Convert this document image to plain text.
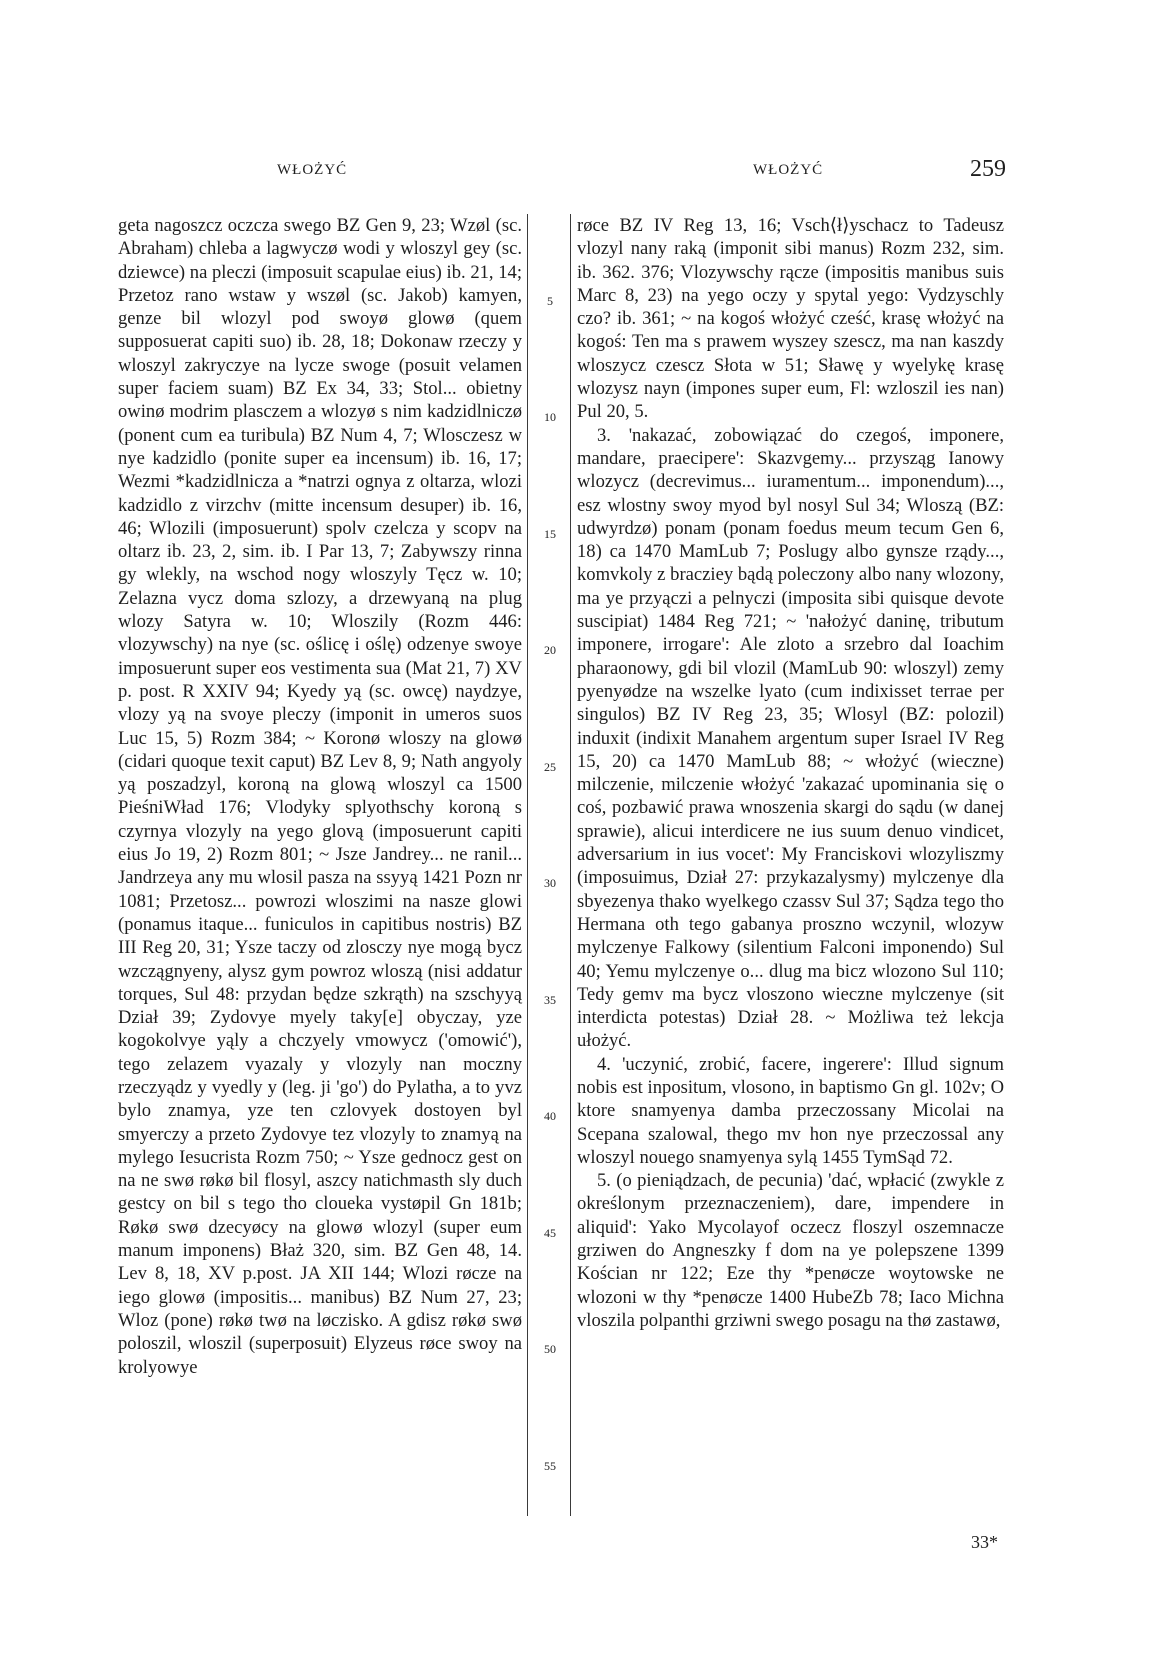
WŁOŻYĆ	WŁOŻYĆ	259

geta nagoszcz oczcza swego BZ Gen 9, 23; Wzøl (sc. Abraham) chleba a lagwyczø wodi y wloszyl gey (sc. dziewce) na pleczi (imposuit scapulae eius) ib. 21, 14; Przetoz rano wstaw y wszøl (sc. Jakob) kamyen, genze bil wlozyl pod swoyø glowø (quem supposuerat capiti suo) ib. 28, 18; Dokonaw rzeczy y wloszyl zakryczye na lycze swoge (posuit velamen super faciem suam) BZ Ex 34, 33; Stol... obietny owinø modrim plasczem a wlozyø s nim kadzidlniczø (ponent cum ea turibula) BZ Num 4, 7; Wlosczesz w nye kadzidlo (ponite super ea incensum) ib. 16, 17; Wezmi *kadzidlnicza a *natrzi ognya z oltarza, wlozi kadzidlo z virzchv (mitte incensum desuper) ib. 16, 46; Wlozili (imposuerunt) spolv czelcza y scopv na oltarz ib. 23, 2, sim. ib. I Par 13, 7; Zabywszy rinna gy wlekly, na wschod nogy wloszyly Tęcz w. 10; Zelazna vycz doma szlozy, a drzewyaną na plug wlozy Satyra w. 10; Wloszily (Rozm 446: vlozywschy) na nye (sc. oślicę i oślę) odzenye swoye imposuerunt super eos vestimenta sua (Mat 21, 7) XV p. post. R XXIV 94; Kyedy yą (sc. owcę) naydzye, vlozy yą na svoye pleczy (imponit in umeros suos Luc 15, 5) Rozm 384; ~ Koronø wloszy na glowø (cidari quoque texit caput) BZ Lev 8, 9; Nath angyoly yą poszadzyl, koroną na glową wloszyl ca 1500 PieśniWład 176; Vlodyky splyothschy koroną s czyrnya vlozyly na yego glovą (imposuerunt capiti eius Jo 19, 2) Rozm 801; ~ Jsze Jandrey... ne ranil... Jandrzeya any mu wlosil pasza na ssyyą 1421 Pozn nr 1081; Przetosz... powrozi wloszimi na nasze glowi (ponamus itaque... funiculos in capitibus nostris) BZ III Reg 20, 31; Ysze taczy od zlosczy nye mogą bycz wzczągnyeny, alysz gym powroz wloszą (nisi addatur torques, Sul 48: przydan będze szkrąth) na szschyyą Dział 39; Zydovye myely taky[e] obyczay, yze kogokolvye yąly a chczyely vmowycz ('omowić'), tego zelazem vyazaly y vlozyly nan moczny rzeczyądz y vyedly y (leg. ji 'go') do Pylatha, a to yvz bylo znamya, yze ten czlovyek dostoyen byl smyerczy a przeto Zydovye tez vlozyly to znamyą na mylego Iesucrista Rozm 750; ~ Ysze gednocz gest on na ne swø røkø bil flosyl, aszcy natichmasth sly duch gestcy on bil s tego tho cloueka vystøpil Gn 181b; Røkø swø dzecyøcy na glowø wlozyl (super eum manum imponens) Błaż 320, sim. BZ Gen 48, 14. Lev 8, 18, XV p.post. JA XII 144; Wlozi røcze na iego glowø (impositis... manibus) BZ Num 27, 23; Wloz (pone) røkø twø na løczisko. A gdisz røkø swø poloszil, wloszil (superposuit) Elyzeus røce swoy na krolyowye

5
10
15
20
25
30
35
40
45
50
55

røce BZ IV Reg 13, 16; Vsch⟨ł⟩yschacz to Tadeusz vlozyl nany raką (imponit sibi manus) Rozm 232, sim. ib. 362. 376; Vlozywschy rącze (impositis manibus suis Marc 8, 23) na yego oczy y spytal yego: Vydzyschly czo? ib. 361; ~ na kogoś włożyć cześć, krasę włożyć na kogoś: Ten ma s prawem wyszey szescz, ma nan kaszdy wloszycz czescz Słota w 51; Sławę y wyelykę krasę wlozysz nayn (impones super eum, Fl: wzloszil ies nan) Pul 20, 5.

3. 'nakazać, zobowiązać do czegoś, imponere, mandare, praecipere': Skazvgemy... przysząg Ianowy wlozycz (decrevimus... iuramentum... imponendum)..., esz wlostny swoy myod byl nosyl Sul 34; Wloszą (BZ: udwyrdzø) ponam (ponam foedus meum tecum Gen 6, 18) ca 1470 MamLub 7; Poslugy albo gynsze rządy..., komvkoly z bracziey bądą poleczony albo nany wlozony, ma ye przyączi a pelnyczi (imposita sibi quisque devote suscipiat) 1484 Reg 721; ~ 'nałożyć daninę, tributum imponere, irrogare': Ale zloto a srzebro dal Ioachim pharaonowy, gdi bil vlozil (MamLub 90: wloszyl) zemy pyenyødze na wszelke lyato (cum indixisset terrae per singulos) BZ IV Reg 23, 35; Wlosyl (BZ: polozil) induxit (indixit Manahem argentum super Israel IV Reg 15, 20) ca 1470 MamLub 88; ~ włożyć (wieczne) milczenie, milczenie włożyć 'zakazać upominania się o coś, pozbawić prawa wnoszenia skargi do sądu (w danej sprawie), alicui interdicere ne ius suum denuo vindicet, adversarium in ius vocet': My Franciskovi wlozyliszmy (imposuimus, Dział 27: przykazalysmy) mylczenye dla sbyezenya thako wyelkego czassv Sul 37; Sądza tego tho Hermana oth tego gabanya proszno wczynil, wlozyw mylczenye Falkowy (silentium Falconi imponendo) Sul 40; Yemu mylczenye o... dlug ma bicz wlozono Sul 110; Tedy gemv ma bycz vloszono wieczne mylczenye (sit interdicta potestas) Dział 28. ~ Możliwa też lekcja ułożyć.

4. 'uczynić, zrobić, facere, ingerere': Illud signum nobis est inpositum, vlosono, in baptismo Gn gl. 102v; O ktore snamyenya damba przeczossany Micolai na Scepana szalowal, thego mv hon nye przeczossal any wloszyl nouego snamyenya sylą 1455 TymSąd 72.

5. (o pieniądzach, de pecunia) 'dać, wpłacić (zwykle z określonym przeznaczeniem), dare, impendere in aliquid': Yako Mycolayof oczecz floszyl oszemnacze grziwen do Angneszky f dom na ye polepszene 1399 Kościan nr 122; Eze thy *penøcze woytowske ne wlozoni w thy *penøcze 1400 HubeZb 78; Iaco Michna vloszila polpanthi grziwni swego posagu na thø zastawø,

33*
